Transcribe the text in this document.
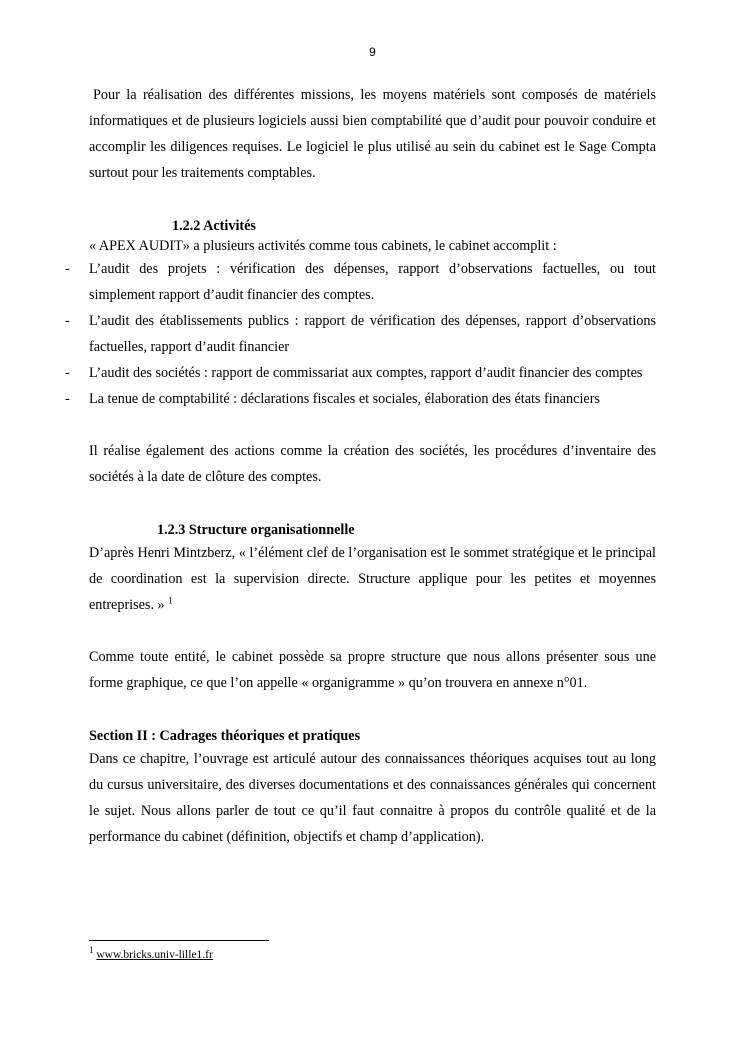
9

Pour la réalisation des différentes missions, les moyens matériels sont composés de matériels informatiques et de plusieurs logiciels aussi bien comptabilité que d’audit pour pouvoir conduire et accomplir les diligences requises. Le logiciel le plus utilisé au sein du cabinet est le Sage Compta surtout pour les traitements comptables.

1.2.2 Activités

« APEX AUDIT» a plusieurs activités comme tous cabinets, le cabinet accomplit :

- L’audit des projets : vérification des dépenses, rapport d’observations factuelles, ou tout simplement rapport d’audit financier des comptes.
- L’audit des établissements publics : rapport de vérification des dépenses, rapport d’observations factuelles, rapport d’audit financier
- L’audit des sociétés : rapport de commissariat aux comptes, rapport d’audit financier des comptes
- La tenue de comptabilité : déclarations fiscales et sociales, élaboration des états financiers

Il réalise également des actions comme la création des sociétés, les procédures d’inventaire des sociétés à la date de clôture des comptes.

1.2.3 Structure organisationnelle

D’après Henri Mintzberz, « l’élément clef de l’organisation est le sommet stratégique et le principal de coordination est la supervision directe. Structure applique pour les petites et moyennes entreprises. » $^1$

Comme toute entité, le cabinet possède sa propre structure que nous allons présenter sous une forme graphique, ce que l’on appelle « organigramme » qu’on trouvera en annexe n°01.

Section II : Cadrages théoriques et pratiques

Dans ce chapitre, l’ouvrage est articulé autour des connaissances théoriques acquises tout au long du cursus universitaire, des diverses documentations et des connaissances générales qui concernent le sujet. Nous allons parler de tout ce qu’il faut connaitre à propos du contrôle qualité et de la performance du cabinet (définition, objectifs et champ d’application).

$^1$ www.bricks.univ-lille1.fr
